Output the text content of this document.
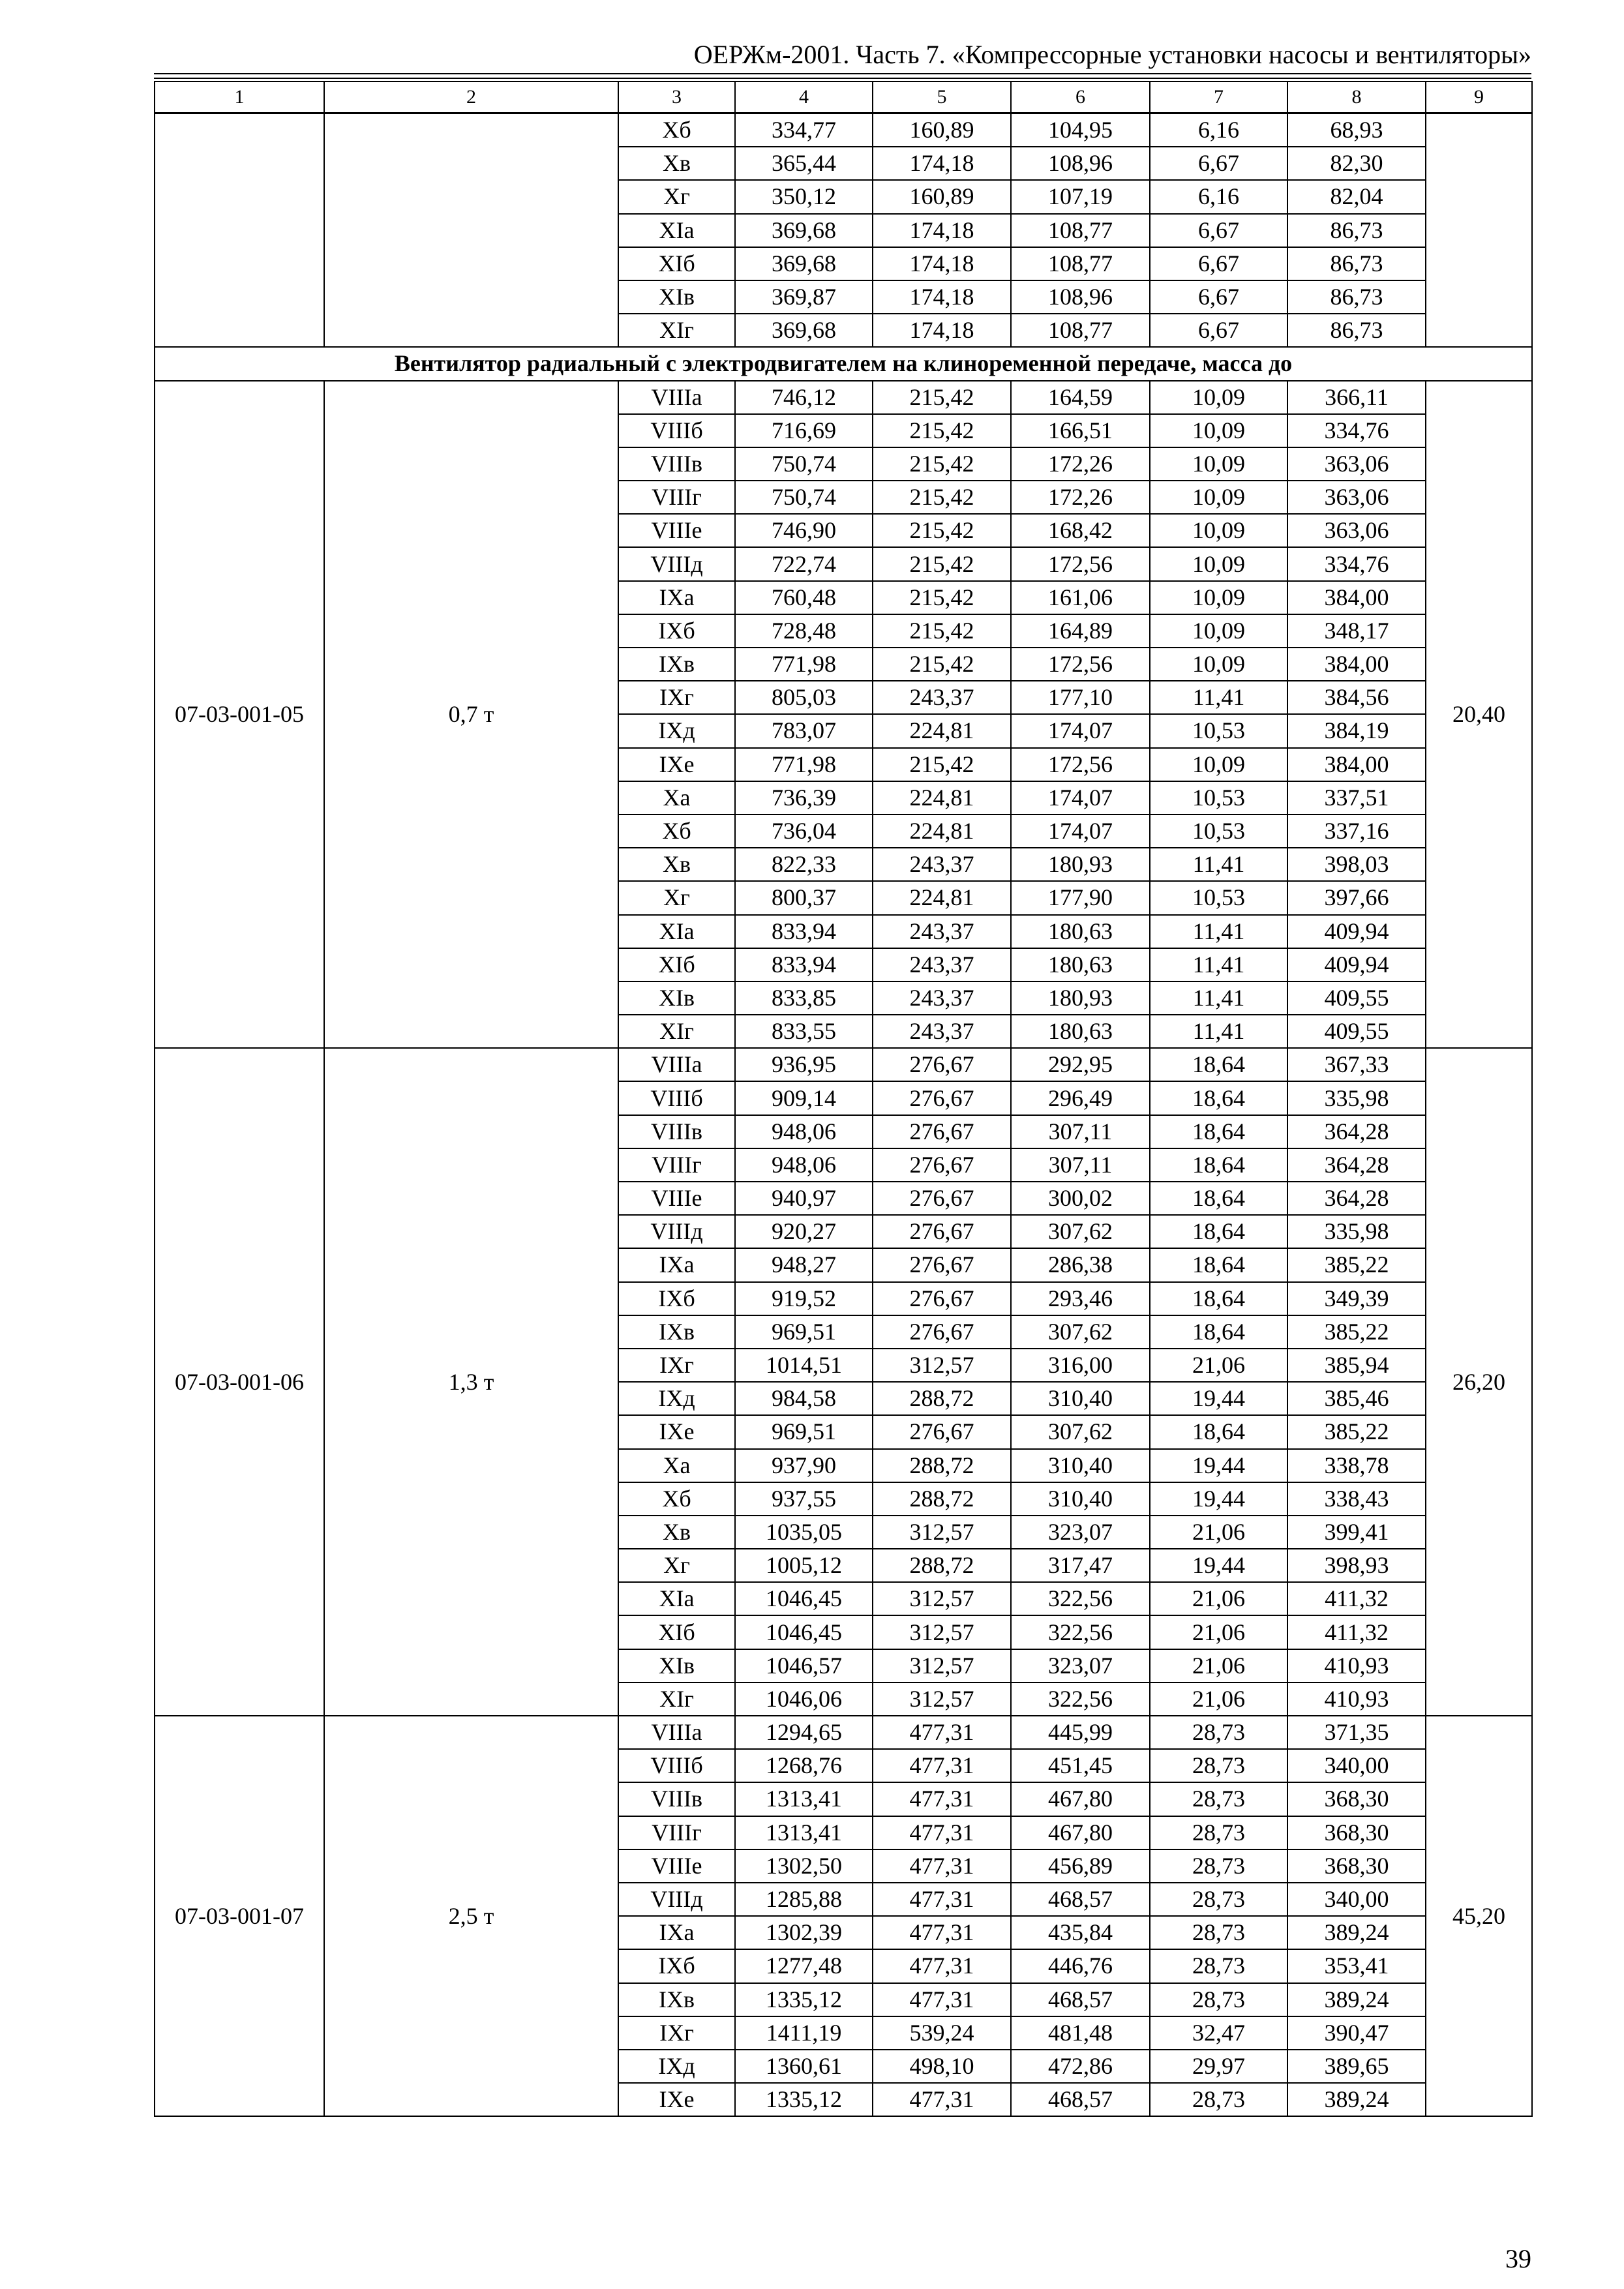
ОЕРЖм-2001. Часть 7. «Компрессорные установки насосы и вентиляторы»
1	2	3	4	5	6	7	8	9
		Хб	334,77	160,89	104,95	6,16	68,93	
		Хв	365,44	174,18	108,96	6,67	82,30	
		Хг	350,12	160,89	107,19	6,16	82,04	
		XIа	369,68	174,18	108,77	6,67	86,73	
		XIб	369,68	174,18	108,77	6,67	86,73	
		XIв	369,87	174,18	108,96	6,67	86,73	
		XIг	369,68	174,18	108,77	6,67	86,73	
Вентилятор радиальный с электродвигателем на клиноременной передаче, масса до								
07-03-001-05	0,7 т	VIIIа	746,12	215,42	164,59	10,09	366,11	20,40
		VIIIб	716,69	215,42	166,51	10,09	334,76	
		VIIIв	750,74	215,42	172,26	10,09	363,06	
		VIIIг	750,74	215,42	172,26	10,09	363,06	
		VIIIе	746,90	215,42	168,42	10,09	363,06	
		VIIIд	722,74	215,42	172,56	10,09	334,76	
		IXа	760,48	215,42	161,06	10,09	384,00	
		IXб	728,48	215,42	164,89	10,09	348,17	
		IXв	771,98	215,42	172,56	10,09	384,00	
		IXг	805,03	243,37	177,10	11,41	384,56	
		IXд	783,07	224,81	174,07	10,53	384,19	
		IXе	771,98	215,42	172,56	10,09	384,00	
		Ха	736,39	224,81	174,07	10,53	337,51	
		Хб	736,04	224,81	174,07	10,53	337,16	
		Хв	822,33	243,37	180,93	11,41	398,03	
		Хг	800,37	224,81	177,90	10,53	397,66	
		XIа	833,94	243,37	180,63	11,41	409,94	
		XIб	833,94	243,37	180,63	11,41	409,94	
		XIв	833,85	243,37	180,93	11,41	409,55	
		XIг	833,55	243,37	180,63	11,41	409,55	
07-03-001-06	1,3 т	VIIIа	936,95	276,67	292,95	18,64	367,33	26,20
		VIIIб	909,14	276,67	296,49	18,64	335,98	
		VIIIв	948,06	276,67	307,11	18,64	364,28	
		VIIIг	948,06	276,67	307,11	18,64	364,28	
		VIIIе	940,97	276,67	300,02	18,64	364,28	
		VIIIд	920,27	276,67	307,62	18,64	335,98	
		IXа	948,27	276,67	286,38	18,64	385,22	
		IXб	919,52	276,67	293,46	18,64	349,39	
		IXв	969,51	276,67	307,62	18,64	385,22	
		IXг	1014,51	312,57	316,00	21,06	385,94	
		IXд	984,58	288,72	310,40	19,44	385,46	
		IXе	969,51	276,67	307,62	18,64	385,22	
		Ха	937,90	288,72	310,40	19,44	338,78	
		Хб	937,55	288,72	310,40	19,44	338,43	
		Хв	1035,05	312,57	323,07	21,06	399,41	
		Хг	1005,12	288,72	317,47	19,44	398,93	
		XIа	1046,45	312,57	322,56	21,06	411,32	
		XIб	1046,45	312,57	322,56	21,06	411,32	
		XIв	1046,57	312,57	323,07	21,06	410,93	
		XIг	1046,06	312,57	322,56	21,06	410,93	
07-03-001-07	2,5 т	VIIIа	1294,65	477,31	445,99	28,73	371,35	45,20
		VIIIб	1268,76	477,31	451,45	28,73	340,00	
		VIIIв	1313,41	477,31	467,80	28,73	368,30	
		VIIIг	1313,41	477,31	467,80	28,73	368,30	
		VIIIе	1302,50	477,31	456,89	28,73	368,30	
		VIIIд	1285,88	477,31	468,57	28,73	340,00	
		IXа	1302,39	477,31	435,84	28,73	389,24	
		IXб	1277,48	477,31	446,76	28,73	353,41	
		IXв	1335,12	477,31	468,57	28,73	389,24	
		IXг	1411,19	539,24	481,48	32,47	390,47	
		IXд	1360,61	498,10	472,86	29,97	389,65	
		IXе	1335,12	477,31	468,57	28,73	389,24	
39
